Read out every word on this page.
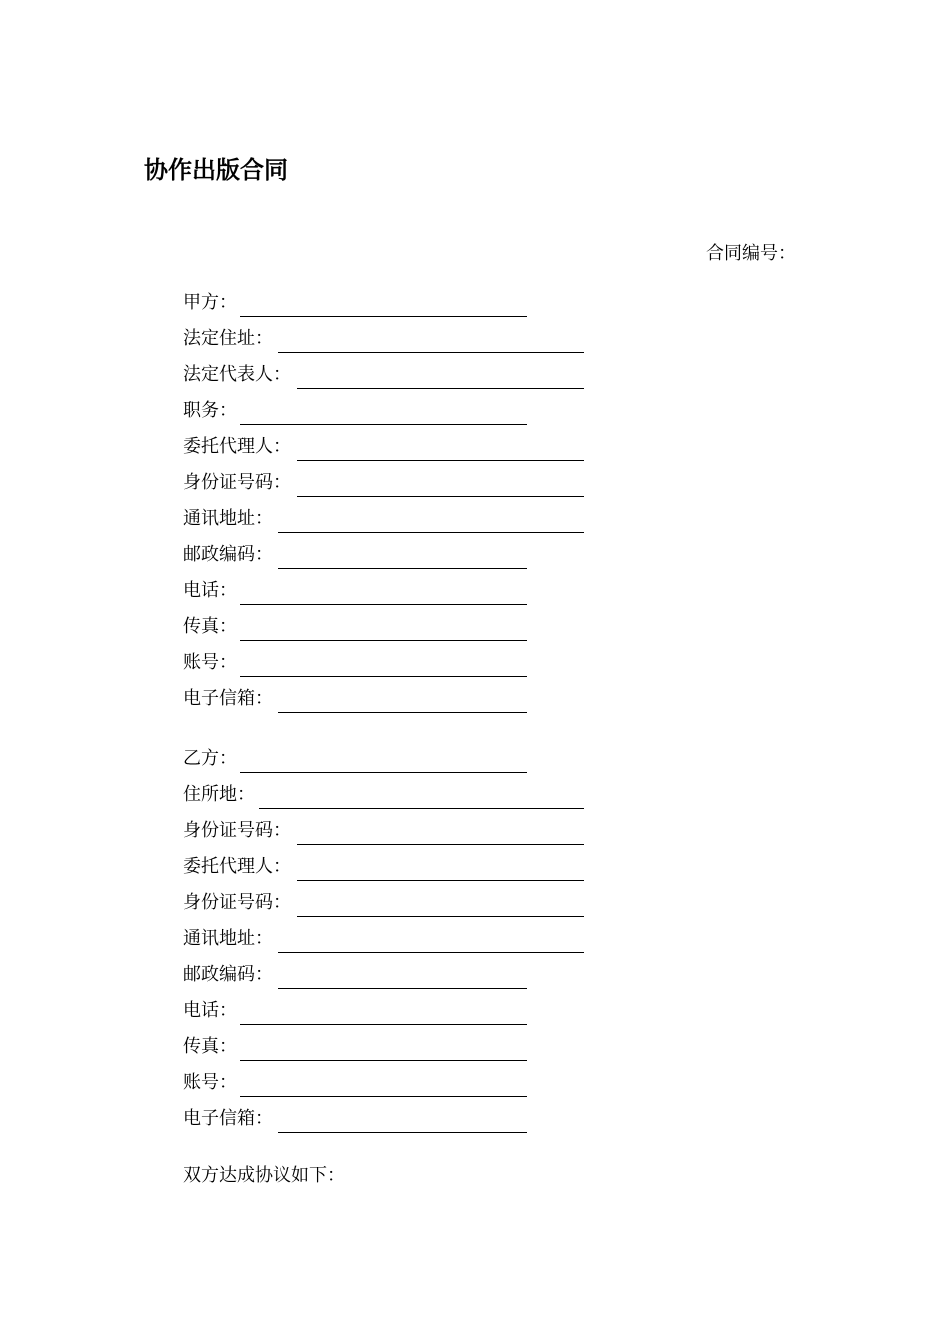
协作出版合同
合同编号：
甲方：
法定住址：
法定代表人：
职务：
委托代理人：
身份证号码：
通讯地址：
邮政编码：
电话：
传真：
账号：
电子信箱：
乙方：
住所地：
身份证号码：
委托代理人：
身份证号码：
通讯地址：
邮政编码：
电话：
传真：
账号：
电子信箱：
双方达成协议如下：
